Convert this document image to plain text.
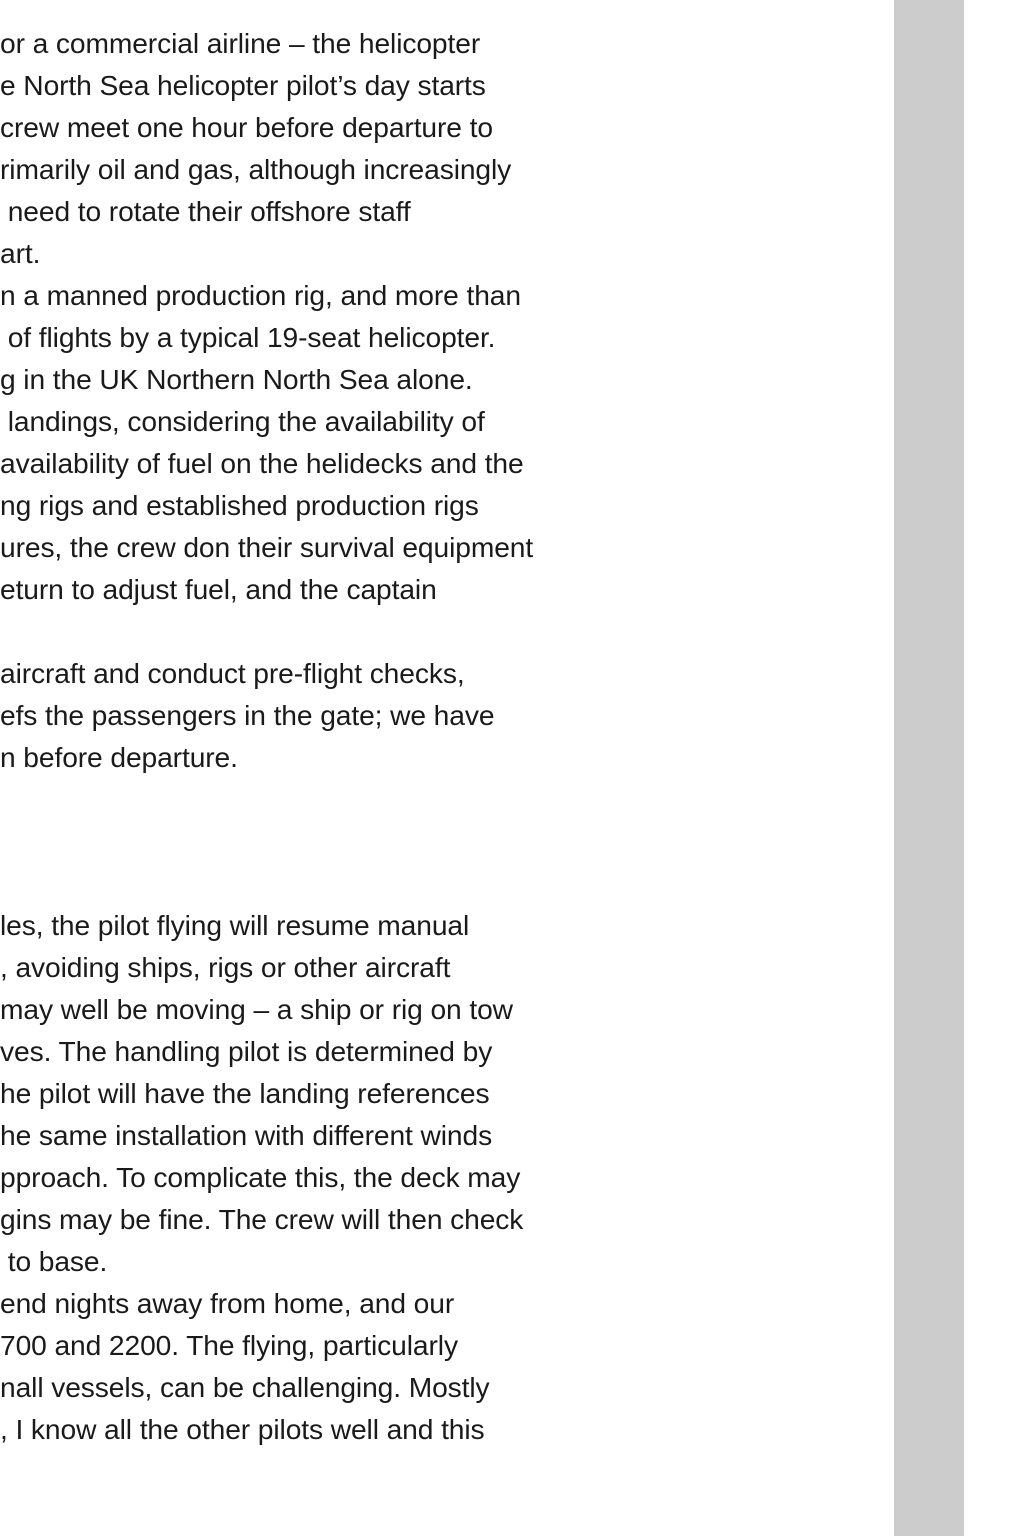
or a commercial airline – the helicopter
e North Sea helicopter pilot’s day starts
crew meet one hour before departure to
rimarily oil and gas, although increasingly
need to rotate their offshore staff
art.
n a manned production rig, and more than
of flights by a typical 19-seat helicopter.
g in the UK Northern North Sea alone.
landings, considering the availability of
availability of fuel on the helidecks and the
ng rigs and established production rigs
ures, the crew don their survival equipment
eturn to adjust fuel, and the captain
aircraft and conduct pre-flight checks,
efs the passengers in the gate; we have
n before departure.
les, the pilot flying will resume manual
, avoiding ships, rigs or other aircraft
may well be moving – a ship or rig on tow
ves. The handling pilot is determined by
he pilot will have the landing references
he same installation with different winds
pproach. To complicate this, the deck may
gins may be fine. The crew will then check
to base.
end nights away from home, and our
700 and 2200. The flying, particularly
nall vessels, can be challenging. Mostly
, I know all the other pilots well and this
